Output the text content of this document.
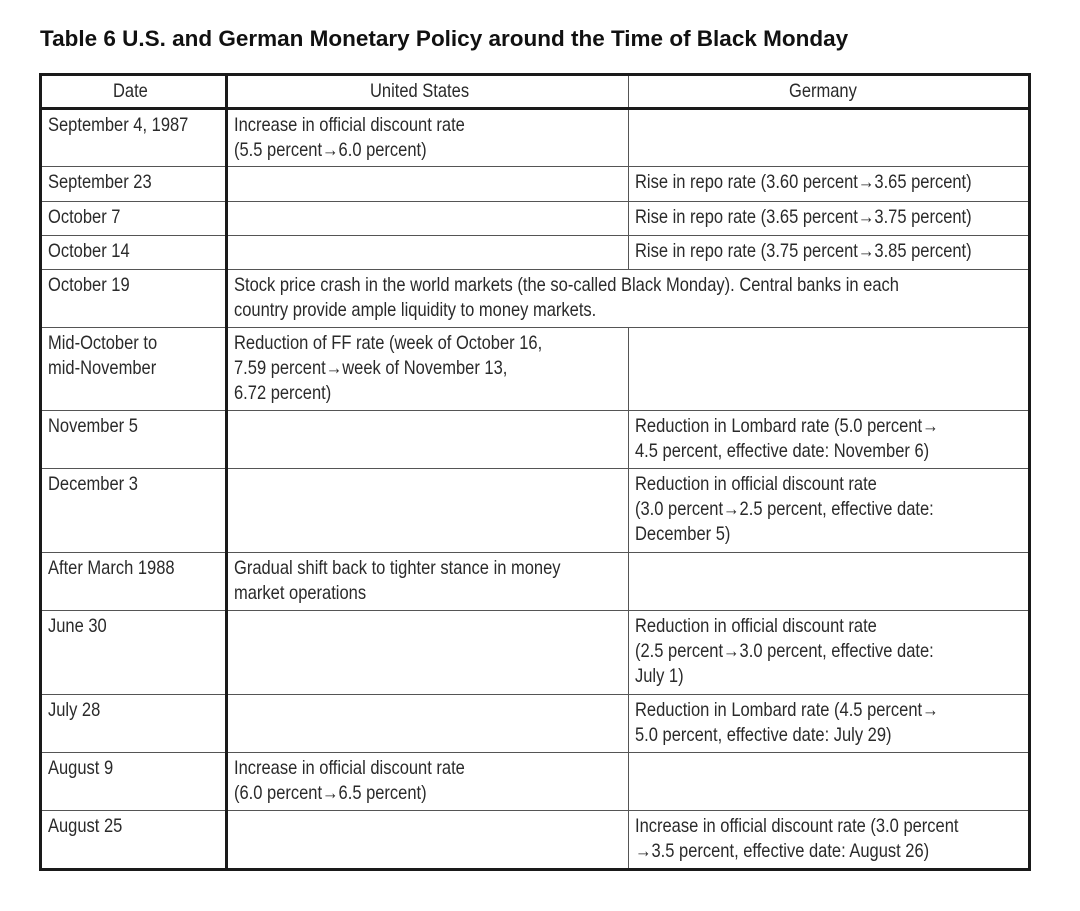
Table 6 U.S. and German Monetary Policy around the Time of Black Monday
Date	United States	Germany

September 4, 1987	Increase in official discount rate
(5.5 percent→6.0 percent)	

September 23		Rise in repo rate (3.60 percent→3.65 percent)

October 7		Rise in repo rate (3.65 percent→3.75 percent)

October 14		Rise in repo rate (3.75 percent→3.85 percent)

October 19	Stock price crash in the world markets (the so-called Black Monday). Central banks in each
country provide ample liquidity to money markets.	

Mid-October to
mid-November	Reduction of FF rate (week of October 16,
7.59 percent→week of November 13,
6.72 percent)	

November 5		Reduction in Lombard rate (5.0 percent→
4.5 percent, effective date: November 6)

December 3		Reduction in official discount rate
(3.0 percent→2.5 percent, effective date:
December 5)

After March 1988	Gradual shift back to tighter stance in money
market operations	

June 30		Reduction in official discount rate
(2.5 percent→3.0 percent, effective date:
July 1)

July 28		Reduction in Lombard rate (4.5 percent→
5.0 percent, effective date: July 29)

August 9	Increase in official discount rate
(6.0 percent→6.5 percent)	

August 25		Increase in official discount rate (3.0 percent
→3.5 percent, effective date: August 26)
